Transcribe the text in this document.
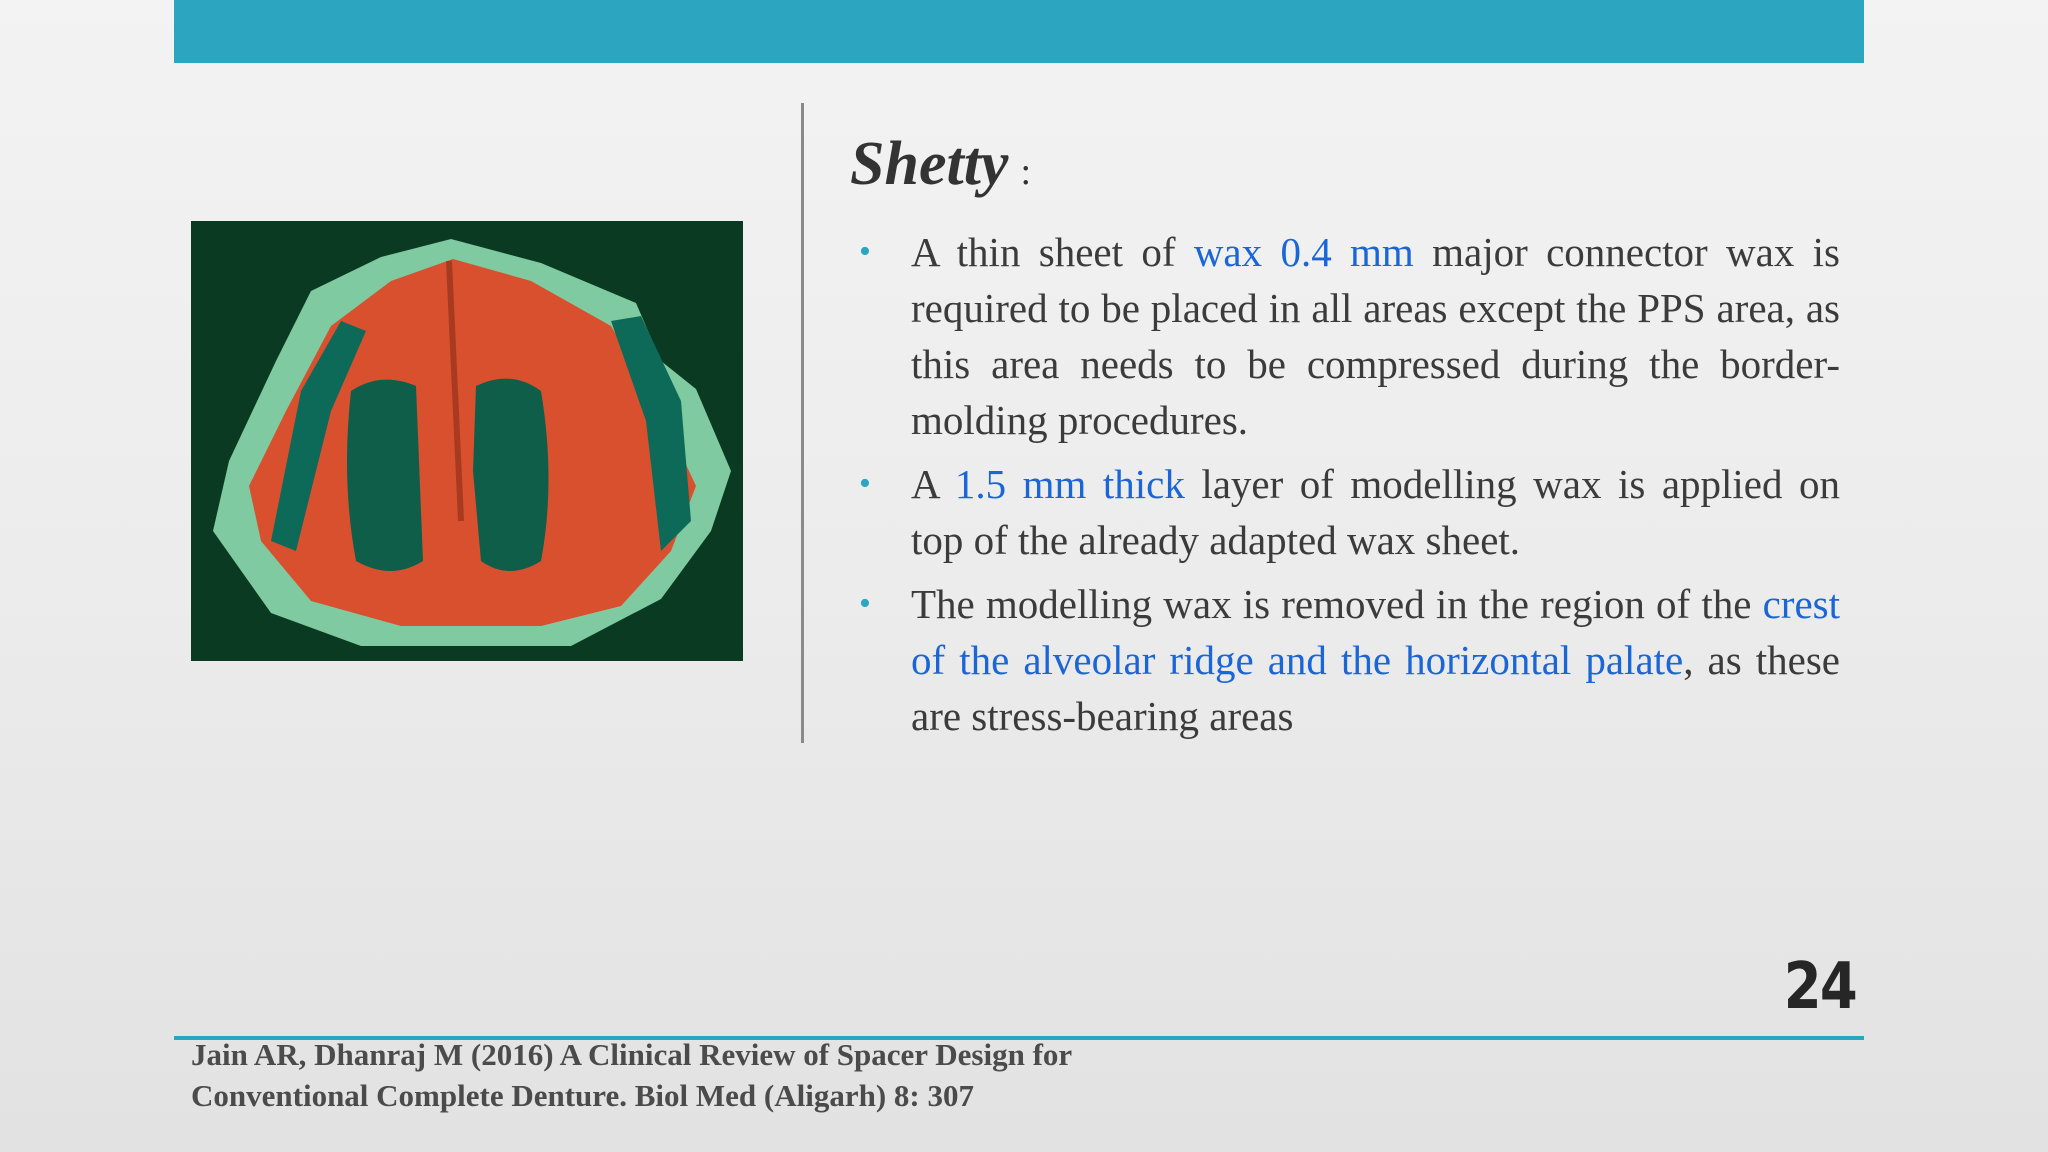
Shetty :
• A thin sheet of wax 0.4 mm major connector wax is required to be placed in all areas except the PPS area, as this area needs to be compressed during the border-molding procedures.
• A 1.5 mm thick layer of modelling wax is applied on top of the already adapted wax sheet.
• The modelling wax is removed in the region of the crest of the alveolar ridge and the horizontal palate, as these are stress-bearing areas
24
Jain AR, Dhanraj M (2016) A Clinical Review of Spacer Design for
Conventional Complete Denture. Biol Med (Aligarh) 8: 307
